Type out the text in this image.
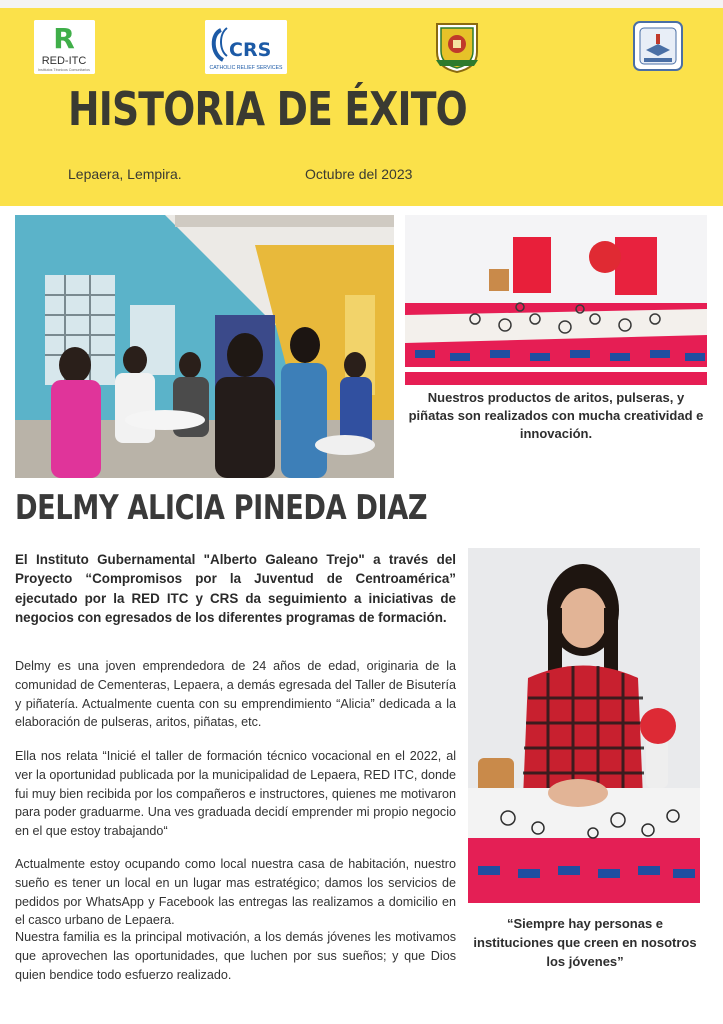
R
RED-ITC
Institutos Técnicos Comunitarios
CRS
CATHOLIC RELIEF SERVICES
HISTORIA DE ÉXITO
Lepaera, Lempira.	Octubre del 2023
Nuestros productos de aritos, pulseras, y piñatas son realizados con mucha creatividad e innovación.
DELMY ALICIA PINEDA DIAZ
El Instituto Gubernamental "Alberto Galeano Trejo" a través del Proyecto “Compromisos por la Juventud de Centroamérica” ejecutado por la RED ITC y CRS da seguimiento a iniciativas de negocios con egresados de los diferentes programas de formación.
Delmy es una joven emprendedora de 24 años de edad, originaria de la comunidad de Cementeras, Lepaera, a demás egresada del Taller de Bisutería y piñatería. Actualmente cuenta con su emprendimiento “Alicia” dedicada a la elaboración de pulseras, aritos, piñatas, etc.
Ella nos relata “Inicié el taller de formación técnico vocacional en el 2022, al ver la oportunidad publicada por la municipalidad de Lepaera, RED ITC, donde fui muy bien recibida por los compañeros e instructores, quienes me motivaron para poder graduarme. Una ves graduada decidí emprender mi propio negocio en el que estoy trabajando“
Actualmente estoy ocupando como local nuestra casa de habitación, nuestro sueño es tener un local en un lugar mas estratégico; damos los servicios de pedidos por WhatsApp y Facebook las entregas las realizamos a domicilio en el casco urbano de Lepaera.
Nuestra familia es la principal motivación, a los demás jóvenes les motivamos que aprovechen las oportunidades, que luchen por sus sueños; y que Dios quien bendice todo esfuerzo realizado.
“Siempre hay personas e instituciones que creen en nosotros los jóvenes”
